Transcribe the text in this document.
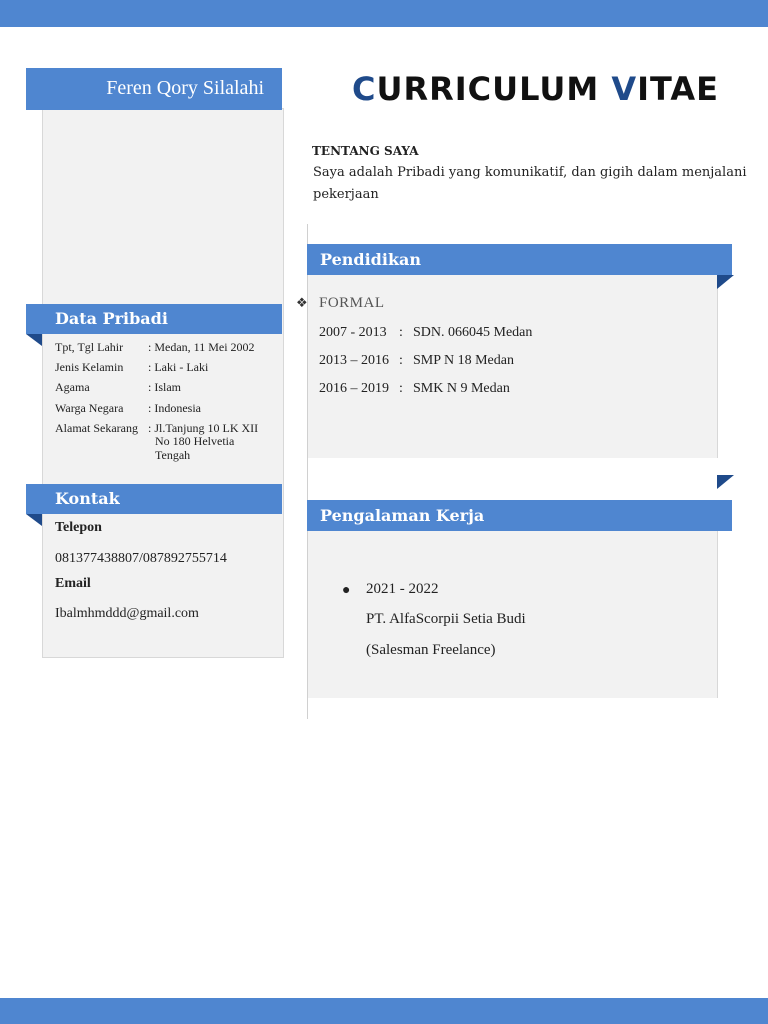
Feren Qory Silalahi
Data Pribadi
Tpt, Tgl Lahir : Medan, 11 Mei 2002
Jenis Kelamin : Laki - Laki
Agama	: Islam
Warga Negara : Indonesia
Alamat Sekarang : Jl.Tanjung 10 LK XII
No 180 Helvetia
Tengah
Kontak
Telepon
081377438807/087892755714
Email
Ibalmhmddd@gmail.com
CURRICULUM VITAE
TENTANG SAYA
Saya adalah Pribadi yang komunikatif, dan gigih dalam menjalani pekerjaan
Pendidikan
❖ FORMAL
2007 - 2013 : SDN. 066045 Medan
2013 – 2016 : SMP N 18 Medan
2016 – 2019 : SMK N 9 Medan
Pengalaman Kerja
● 2021 - 2022
PT. AlfaScorpii Setia Budi
(Salesman Freelance)
